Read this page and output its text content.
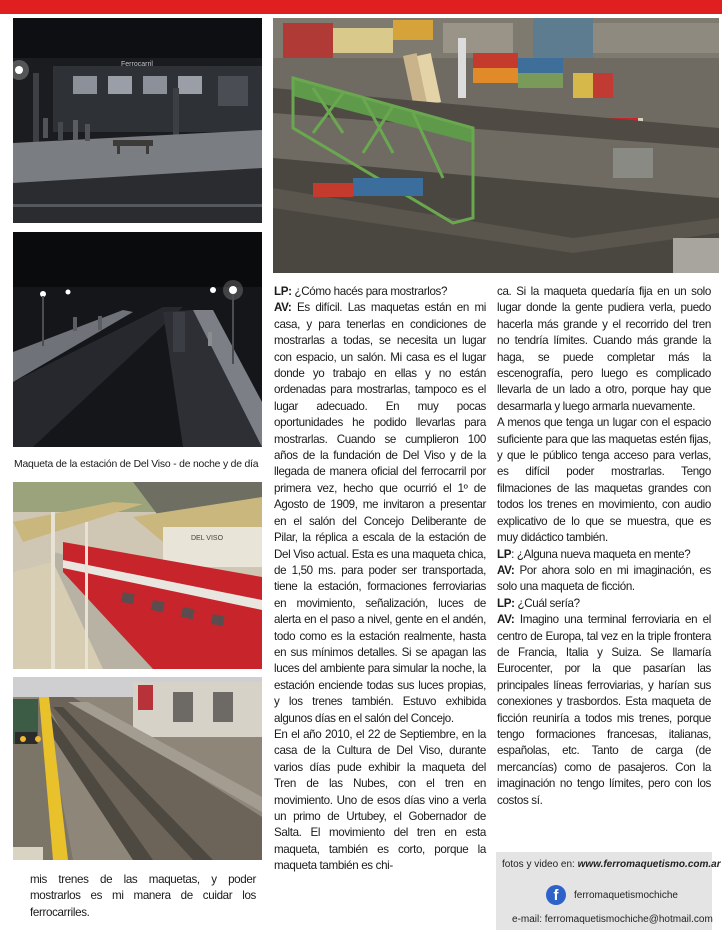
Ferrocarril
Maqueta de la estación de Del Viso - de noche y de día
DEL VISO

mis trenes de las maquetas, y poder mostrarlos es mi manera de cuidar los ferrocarriles.

LP: ¿Cómo hacés para mostrarlos?

AV: Es difícil. Las maquetas están en mi casa, y para tenerlas en condiciones de mostrarlas a todas, se necesita un lugar con espacio, un salón. Mi casa es el lugar donde yo trabajo en ellas y no están ordenadas para mostrarlas, tampoco es el lugar adecuado. En muy pocas oportunidades he podido llevarlas para mostrarlas. Cuando se cumplieron 100 años de la fundación de Del Viso y de la llegada de manera oficial del ferrocarril por primera vez, hecho que ocurrió el 1º de Agosto de 1909, me invitaron a presentar en el salón del Concejo Deliberante de Pilar, la réplica a escala de la estación de Del Viso actual. Esta es una maqueta chica, de 1,50 ms. para poder ser transportada, tiene la estación, formaciones ferroviarias en movimiento, señalización, luces de alerta en el paso a nivel, gente en el andén, todo como es la estación realmente, hasta en sus mínimos detalles. Si se apagan las luces del ambiente para simular la noche, la estación enciende todas sus luces propias, y los trenes también. Estuvo exhibida algunos días en el salón del Concejo.

En el año 2010, el 22 de Septiembre, en la casa de la Cultura de Del Viso, durante varios días pude exhibir la maqueta del Tren de las Nubes, con el tren en movimiento. Uno de esos días vino a verla un primo de Urtubey, el Gobernador de Salta. El movimiento del tren en esta maqueta, también es corto, porque la maqueta también es chi-

ca. Si la maqueta quedaría fija en un solo lugar donde la gente pudiera verla, puedo hacerla más grande y el recorrido del tren no tendría límites. Cuando más grande la haga, se puede completar más la escenografía, pero luego es complicado llevarla de un lado a otro, porque hay que desarmarla y luego armarla nuevamente.

A menos que tenga un lugar con el espacio suficiente para que las maquetas estén fijas, y que le público tenga acceso para verlas, es difícil poder mostrarlas. Tengo filmaciones de las maquetas grandes con todos los trenes en movimiento, con audio explicativo de lo que se muestra, que es muy didáctico también.

LP: ¿Alguna nueva maqueta en mente?

AV: Por ahora solo en mi imaginación, es solo una maqueta de ficción.

LP: ¿Cuál sería?

AV: Imagino una terminal ferroviaria en el centro de Europa, tal vez en la triple frontera de Francia, Italia y Suiza. Se llamaría Eurocenter, por la que pasarían las principales líneas ferroviarias, y harían sus conexiones y trasbordos. Esta maqueta de ficción reuniría a todos mis trenes, porque tengo formaciones francesas, italianas, españolas, etc. Tanto de carga (de mercancías) como de pasajeros. Con la imaginación no tengo límites, pero con los costos sí.

fotos y video en: www.ferromaquetismo.com.ar
f	ferromaquetismochiche
e-mail: ferromaquetismochiche@hotmail.com
